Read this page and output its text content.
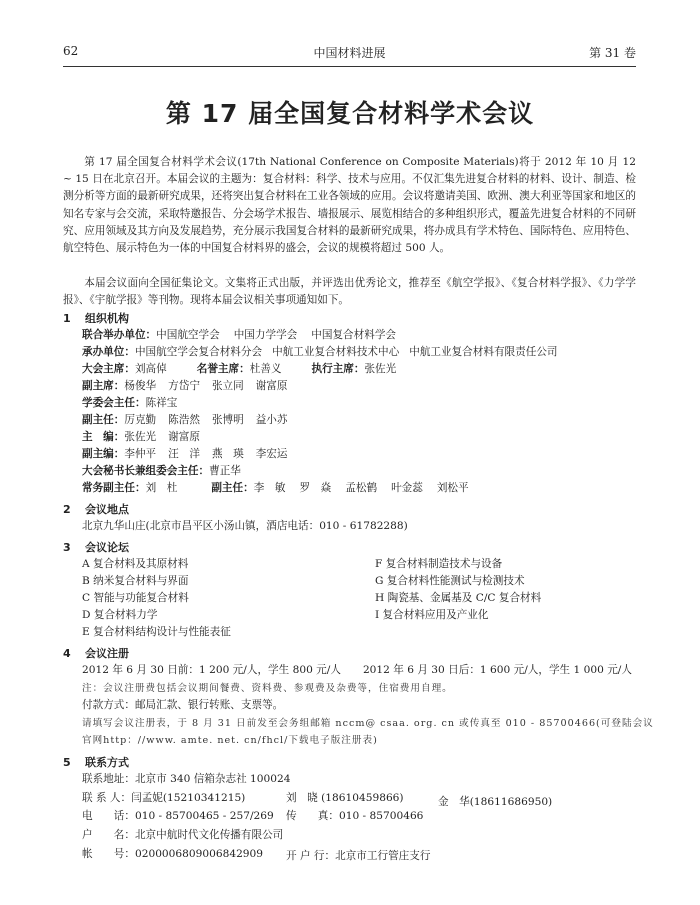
62	中国材料进展	第 31 卷
第 17 届全国复合材料学术会议
第 17 届全国复合材料学术会议(17th National Conference on Composite Materials)将于 2012 年 10 月 12 ~ 15 日在北京召开。本届会议的主题为：复合材料：科学、技术与应用。不仅汇集先进复合材料的材料、设计、制造、检测分析等方面的最新研究成果，还将突出复合材料在工业各领域的应用。会议将邀请美国、欧洲、澳大利亚等国家和地区的知名专家与会交流，采取特邀报告、分会场学术报告、墙报展示、展览相结合的多种组织形式，覆盖先进复合材料的不同研究、应用领域及其方向及发展趋势，充分展示我国复合材料的最新研究成果，将办成具有学术特色、国际特色、应用特色、航空特色、展示特色为一体的中国复合材料界的盛会，会议的规模将超过 500 人。
本届会议面向全国征集论文。文集将正式出版，并评选出优秀论文，推荐至《航空学报》、《复合材料学报》、《力学学报》、《宇航学报》等刊物。现将本届会议相关事项通知如下。
1 组织机构
联合举办单位：中国航空学会 中国力学学会 中国复合材料学会
承办单位：中国航空学会复合材料分会 中航工业复合材料技术中心 中航工业复合材料有限责任公司
大会主席：刘高倬	名誉主席：杜善义	执行主席：张佐光
副主席：杨俊华 方岱宁 张立同 谢富原
学委会主任：陈祥宝
副主任：厉克勤 陈浩然 张博明 益小苏
主　编：张佐光 谢富原
副主编：李仲平 汪　洋 燕　瑛 李宏运
大会秘书长兼组委会主任：曹正华
常务副主任：刘　杜	副主任：李　敏 罗　焱 孟松鹤 叶金蕊 刘松平
2 会议地点
北京九华山庄(北京市昌平区小汤山镇，酒店电话：010 - 61782288)
3 会议论坛
A 复合材料及其原材料
B 纳米复合材料与界面
C 智能与功能复合材料
D 复合材料力学
E 复合材料结构设计与性能表征
F 复合材料制造技术与设备
G 复合材料性能测试与检测技术
H 陶瓷基、金属基及 C/C 复合材料
I 复合材料应用及产业化
4 会议注册
2012 年 6 月 30 日前：1 200 元/人，学生 800 元/人 2012 年 6 月 30 日后：1 600 元/人，学生 1 000 元/人
注：会议注册费包括会议期间餐费、资料费、参观费及杂费等，住宿费用自理。
付款方式：邮局汇款、银行转账、支票等。
请填写会议注册表，于 8 月 31 日前发至会务组邮箱 nccm@ csaa. org. cn 或传真至 010 - 85700466(可登陆会议
官网http：//www. amte. net. cn/fhcl/下载电子版注册表)
5 联系方式
联系地址：北京市 340 信箱杂志社 100024
联 系 人：闫孟妮(15210341215)	刘　晓 (18610459866)	金　华(18611686950)
电　　话：010 - 85700465 - 257/269 传　　真：010 - 85700466
户　　名：北京中航时代文化传播有限公司
帐　　号：0200006809006842909 开 户 行：北京市工行管庄支行
